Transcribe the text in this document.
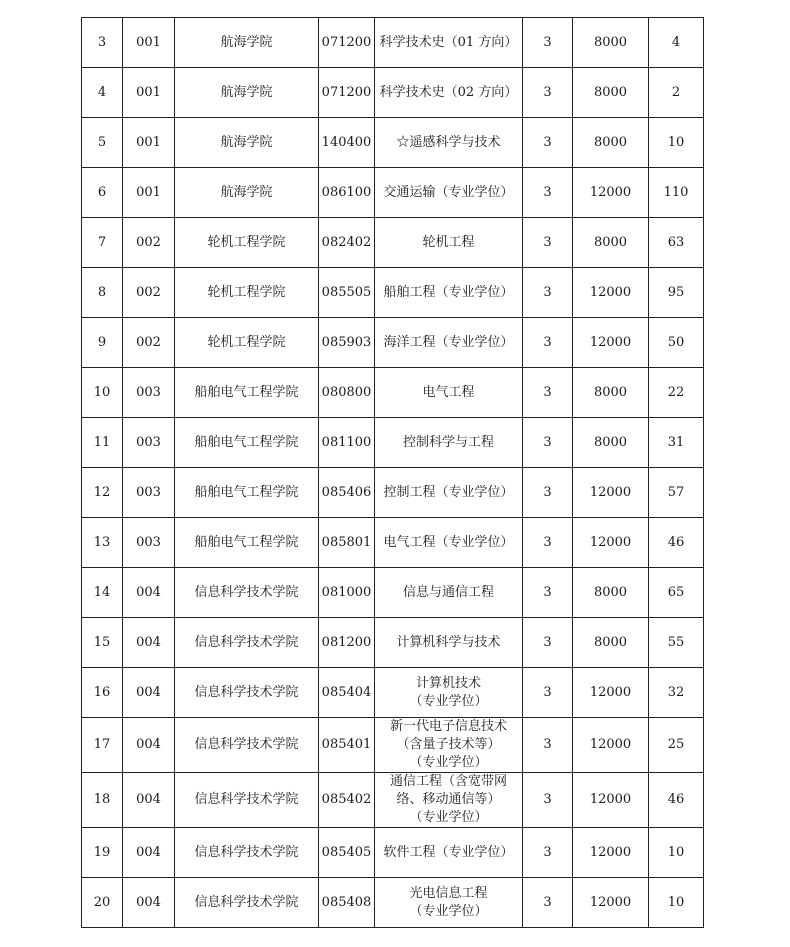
3	001	航海学院	071200	科学技术史（01 方向）	3	8000	4
4	001	航海学院	071200	科学技术史（02 方向）	3	8000	2
5	001	航海学院	140400	☆遥感科学与技术	3	8000	10
6	001	航海学院	086100	交通运输（专业学位）	3	12000	110
7	002	轮机工程学院	082402	轮机工程	3	8000	63
8	002	轮机工程学院	085505	船舶工程（专业学位）	3	12000	95
9	002	轮机工程学院	085903	海洋工程（专业学位）	3	12000	50
10	003	船舶电气工程学院	080800	电气工程	3	8000	22
11	003	船舶电气工程学院	081100	控制科学与工程	3	8000	31
12	003	船舶电气工程学院	085406	控制工程（专业学位）	3	12000	57
13	003	船舶电气工程学院	085801	电气工程（专业学位）	3	12000	46
14	004	信息科学技术学院	081000	信息与通信工程	3	8000	65
15	004	信息科学技术学院	081200	计算机科学与技术	3	8000	55
16	004	信息科学技术学院	085404	计算机技术
（专业学位）	3	12000	32
17	004	信息科学技术学院	085401	新一代电子信息技术
（含量子技术等）
（专业学位）	3	12000	25
18	004	信息科学技术学院	085402	通信工程（含宽带网
络、移动通信等）
（专业学位）	3	12000	46
19	004	信息科学技术学院	085405	软件工程（专业学位）	3	12000	10
20	004	信息科学技术学院	085408	光电信息工程
（专业学位）	3	12000	10
